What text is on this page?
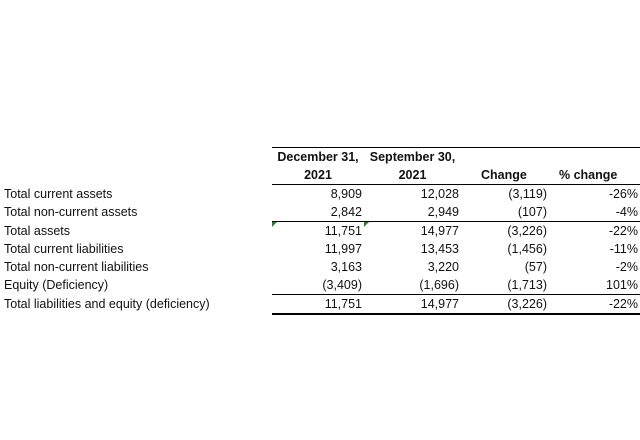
	December 31,	September 30,		
	2021	2021	Change	% change
Total current assets	8,909	12,028	(3,119)	-26%
Total non-current assets	2,842	2,949	(107)	-4%
Total assets	11,751	14,977	(3,226)	-22%
Total current liabilities	11,997	13,453	(1,456)	-11%
Total non-current liabilities	3,163	3,220	(57)	-2%
Equity (Deficiency)	(3,409)	(1,696)	(1,713)	101%
Total liabilities and equity (deficiency)	11,751	14,977	(3,226)	-22%
